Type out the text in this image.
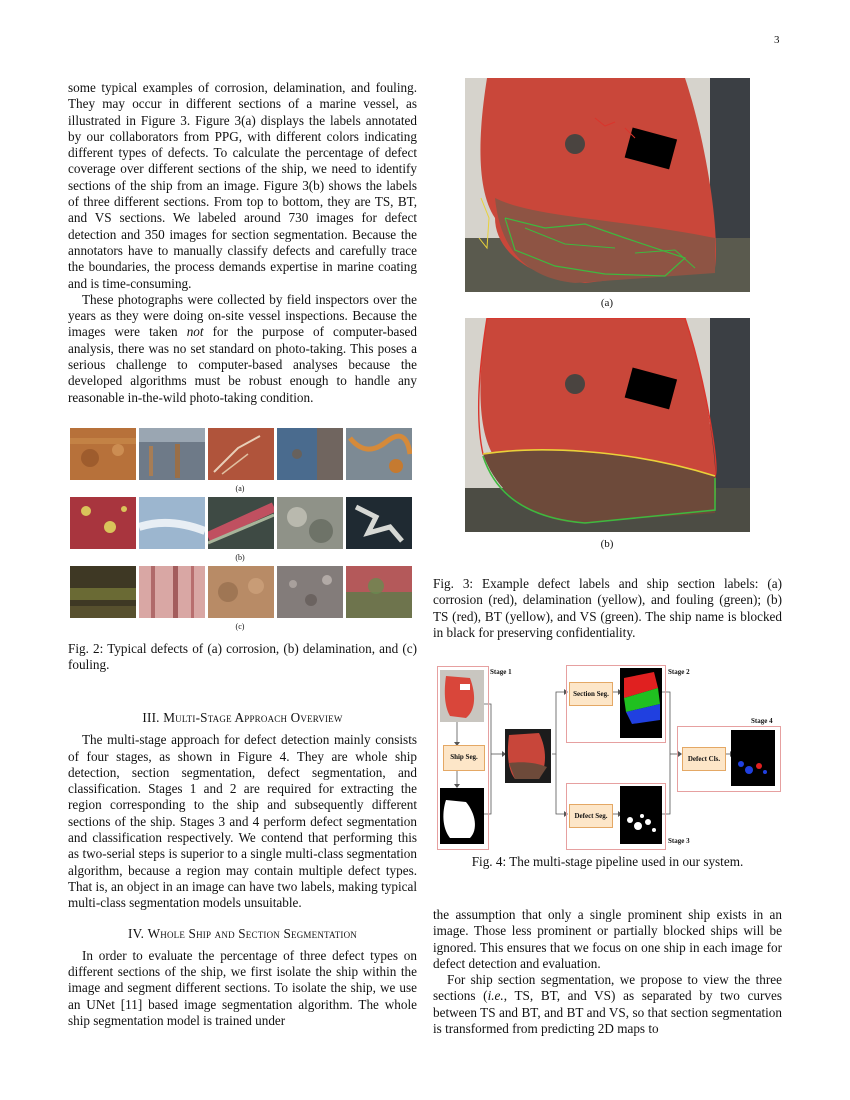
3

some typical examples of corrosion, delamination, and fouling. They may occur in different sections of a marine vessel, as illustrated in Figure 3. Figure 3(a) displays the labels annotated by our collaborators from PPG, with different colors indicating different types of defects. To calculate the percentage of defect coverage over different sections of the ship, we need to identify sections of the ship from an image. Figure 3(b) shows the labels of three different sections. From top to bottom, they are TS, BT, and VS sections. We labeled around 730 images for defect detection and 350 images for section segmentation. Because the annotators have to manually classify defects and carefully trace the boundaries, the process demands expertise in marine coating and is time-consuming.

These photographs were collected by field inspectors over the years as they were doing on-site vessel inspections. Because the images were taken not for the purpose of computer-based analysis, there was no set standard on photo-taking. This poses a serious challenge to computer-based analyses because the developed algorithms must be robust enough to handle any reasonable in-the-wild photo-taking condition.

(a)
(b)
(c)
Fig. 2: Typical defects of (a) corrosion, (b) delamination, and (c) fouling.

III. Multi-Stage Approach Overview

The multi-stage approach for defect detection mainly consists of four stages, as shown in Figure 4. They are whole ship detection, section segmentation, defect segmentation, and classification. Stages 1 and 2 are required for extracting the region corresponding to the ship and subsequently different sections of the ship. Stages 3 and 4 perform defect segmentation and classification respectively. We contend that performing this as two-serial steps is superior to a single multi-class segmentation algorithm, because a region may contain multiple defect types. That is, an object in an image can have two labels, making typical multi-class segmentation models unsuitable.

IV. Whole Ship and Section Segmentation

In order to evaluate the percentage of three defect types on different sections of the ship, we first isolate the ship within the image and segment different sections. To isolate the ship, we use an UNet [11] based image segmentation algorithm. The whole ship segmentation model is trained under

(a)
(b)
Fig. 3: Example defect labels and ship section labels: (a) corrosion (red), delamination (yellow), and fouling (green); (b) TS (red), BT (yellow), and VS (green). The ship name is blocked in black for preserving confidentiality.
Stage 1	Stage 2
Stage 3
Stage 4
Ship Seg.
Section Seg.
Defect Seg.
Defect Cls.
Fig. 4: The multi-stage pipeline used in our system.

the assumption that only a single prominent ship exists in an image. Those less prominent or partially blocked ships will be ignored. This ensures that we focus on one ship in each image for defect detection and evaluation.

For ship section segmentation, we propose to view the three sections (i.e., TS, BT, and VS) as separated by two curves between TS and BT, and BT and VS, so that section segmentation is transformed from predicting 2D maps to
